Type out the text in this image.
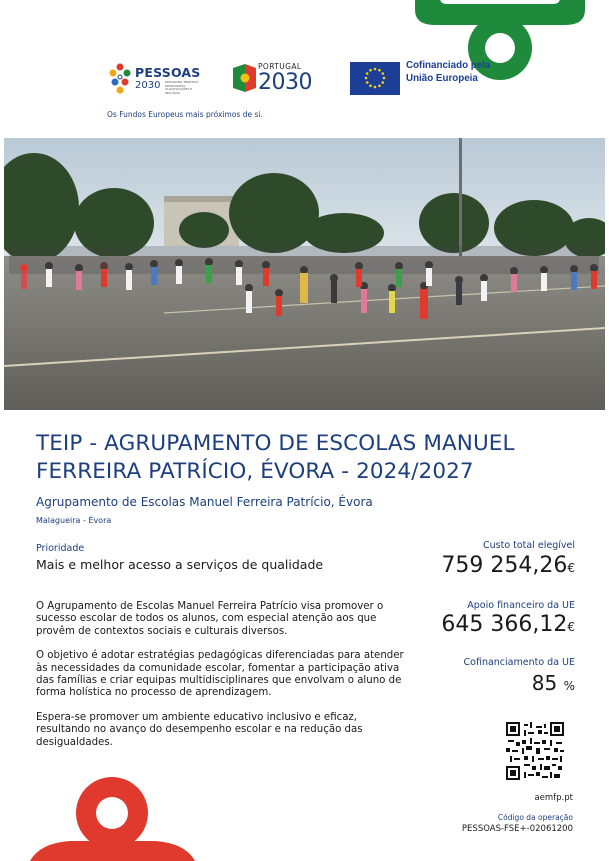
PESSOAS
2030 PROGRAMA TEMÁTICO DEMOGRAFIA, QUALIFICAÇÕES E INCLUSÃO
PORTUGAL
2030
Cofinanciado pela
União Europeia
Os Fundos Europeus mais próximos de si.
TEIP - AGRUPAMENTO DE ESCOLAS MANUEL FERREIRA PATRÍCIO, ÉVORA - 2024/2027
Agrupamento de Escolas Manuel Ferreira Patrício, Évora
Malagueira - Évora
Prioridade
Mais e melhor acesso a serviços de qualidade

O Agrupamento de Escolas Manuel Ferreira Patrício visa promover o sucesso escolar de todos os alunos, com especial atenção aos que provêm de contextos sociais e culturais diversos.

O objetivo é adotar estratégias pedagógicas diferenciadas para atender às necessidades da comunidade escolar, fomentar a participação ativa das famílias e criar equipas multidisciplinares que envolvam o aluno de forma holística no processo de aprendizagem.

Espera-se promover um ambiente educativo inclusivo e eficaz, resultando no avanço do desempenho escolar e na redução das desigualdades.

Custo total elegível
759 254,26€
Apoio financeiro da UE
645 366,12€
Cofinanciamento da UE
85 %
aemfp.pt
Código da operação
PESSOAS-FSE+-02061200
